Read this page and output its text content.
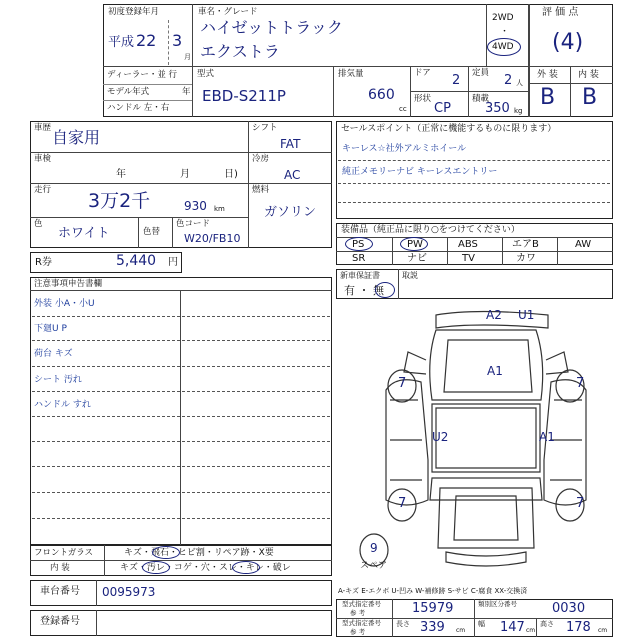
初度登録年月
平成 22 3
月
車名・グレード
ハイゼットトラック
エクストラ
2WD
・
4WD
評 価 点
(4)
外 装 内 装
B B
ディーラー・並 行
モデル年式	年
ハンドル 左・右
型式
EBD-S211P
排気量
660
cc
ドア 2 定員 2 人
形状
CP
積載
350 kg
車歴 自家用
車検
年	月	日)
走行 3万2千	930 km
色
ホワイト	色替
色コード
W20/FB10
シフト
FAT
冷房
AC
燃料
ガソリン
R券	5,440 円
セールスポイント（正常に機能するものに限ります）
キーレス☆社外アルミホイール
純正メモリーナビ キーレスエントリー
装備品（純正品に限り○をつけてください）
PS	PW	ABS	エアB	AW
SR	ナビ	TV	カワ
新車保証書
有 ・ 無
取説
注意事項申告書欄
外装 小A・小U
下廻U P
荷台 キズ
シート 汚れ
ハンドル すれ
A2 U1
A1
U2	A1
7	7
7	7
9
スペア
フロントガラス	キズ・飛石・ヒビ割・リペア跡・X要
内 装	キズ・汚レ・コゲ・穴・スレ・キレ・破レ
車台番号 0095973
登録番号
A-キズ E-エクボ U-凹み W-補修跡 S-サビ C-腐食 XX-交換済
型式指定番号
参 考	15979	類別区分番号	0030
型式指定番号
参 考
長さ 339 cm
幅 147 cm
高さ 178 cm
